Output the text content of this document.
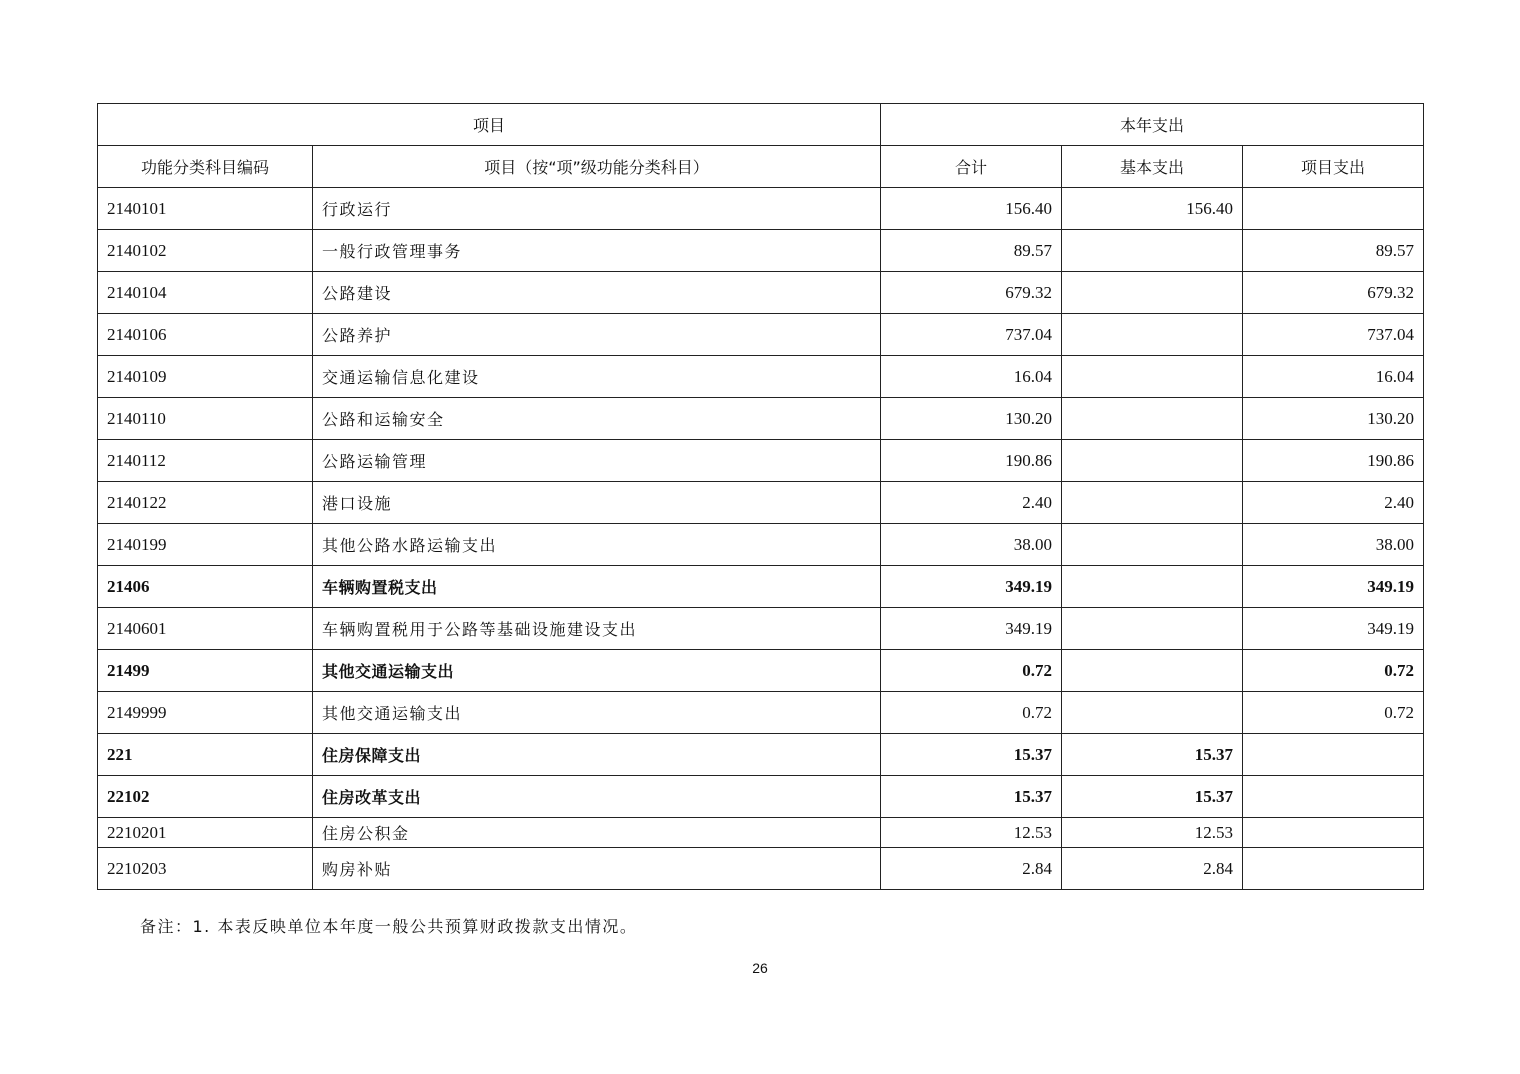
项目		本年支出		
功能分类科目编码	项目（按“项”级功能分类科目）	合计	基本支出	项目支出
2140101	行政运行	156.40	156.40	
2140102	一般行政管理事务	89.57		89.57
2140104	公路建设	679.32		679.32
2140106	公路养护	737.04		737.04
2140109	交通运输信息化建设	16.04		16.04
2140110	公路和运输安全	130.20		130.20
2140112	公路运输管理	190.86		190.86
2140122	港口设施	2.40		2.40
2140199	其他公路水路运输支出	38.00		38.00
21406	车辆购置税支出	349.19		349.19
2140601	车辆购置税用于公路等基础设施建设支出	349.19		349.19
21499	其他交通运输支出	0.72		0.72
2149999	其他交通运输支出	0.72		0.72
221	住房保障支出	15.37	15.37	
22102	住房改革支出	15.37	15.37	
2210201	住房公积金	12.53	12.53	
2210203	购房补贴	2.84	2.84	
备注：1. 本表反映单位本年度一般公共预算财政拨款支出情况。
26
